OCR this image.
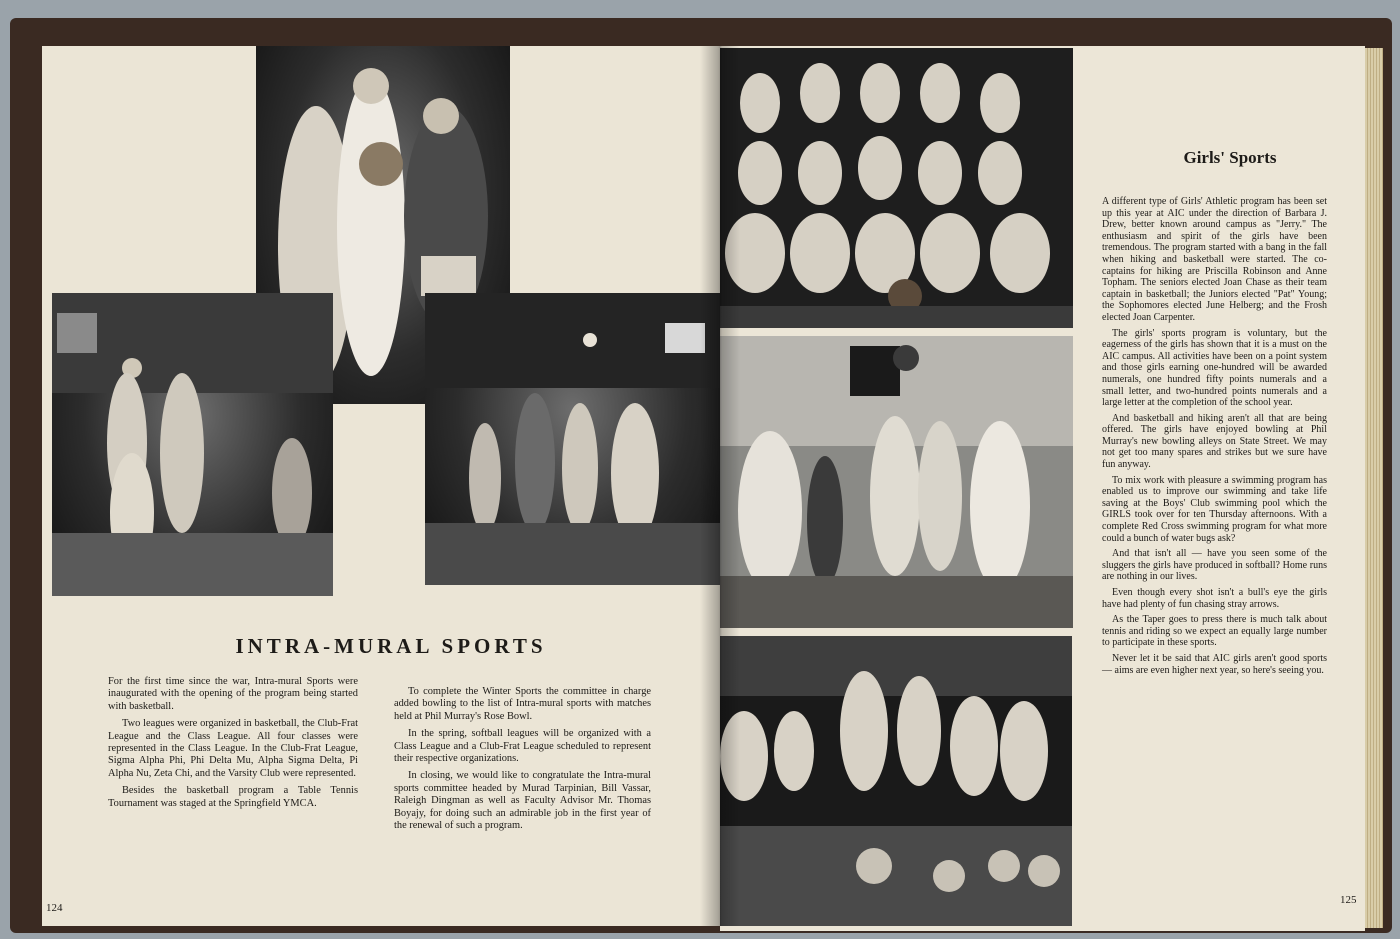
INTRA-MURAL SPORTS

For the first time since the war, Intra-mural Sports were inaugurated with the opening of the program being started with basketball.

Two leagues were organized in basketball, the Club-Frat League and the Class League. All four classes were represented in the Class League. In the Club-Frat League, Sigma Alpha Phi, Phi Delta Mu, Alpha Sigma Delta, Pi Alpha Nu, Zeta Chi, and the Varsity Club were represented.

Besides the basketball program a Table Tennis Tournament was staged at the Springfield YMCA.

To complete the Winter Sports the committee in charge added bowling to the list of Intra-mural sports with matches held at Phil Murray's Rose Bowl.

In the spring, softball leagues will be organized with a Class League and a Club-Frat League scheduled to represent their respective organizations.

In closing, we would like to congratulate the Intra-mural sports committee headed by Murad Tarpinian, Bill Vassar, Raleigh Dingman as well as Faculty Advisor Mr. Thomas Boyajy, for doing such an admirable job in the first year of the renewal of such a program.

124
Girls' Sports

A different type of Girls' Athletic program has been set up this year at AIC under the direction of Barbara J. Drew, better known around campus as "Jerry." The enthusiasm and spirit of the girls have been tremendous. The program started with a bang in the fall when hiking and basketball were started. The co-captains for hiking are Priscilla Robinson and Anne Topham. The seniors elected Joan Chase as their team captain in basketball; the Juniors elected "Pat" Young; the Sophomores elected June Helberg; and the Frosh elected Joan Carpenter.

The girls' sports program is voluntary, but the eagerness of the girls has shown that it is a must on the AIC campus. All activities have been on a point system and those girls earning one-hundred will be awarded numerals, one hundred fifty points numerals and a small letter, and two-hundred points numerals and a large letter at the completion of the school year.

And basketball and hiking aren't all that are being offered. The girls have enjoyed bowling at Phil Murray's new bowling alleys on State Street. We may not get too many spares and strikes but we sure have fun anyway.

To mix work with pleasure a swimming program has enabled us to improve our swimming and take life saving at the Boys' Club swimming pool which the GIRLS took over for ten Thursday afternoons. With a complete Red Cross swimming program for what more could a bunch of water bugs ask?

And that isn't all — have you seen some of the sluggers the girls have produced in softball? Home runs are nothing in our lives.

Even though every shot isn't a bull's eye the girls have had plenty of fun chasing stray arrows.

As the Taper goes to press there is much talk about tennis and riding so we expect an equally large number to participate in these sports.

Never let it be said that AIC girls aren't good sports — aims are even higher next year, so here's seeing you.

125
